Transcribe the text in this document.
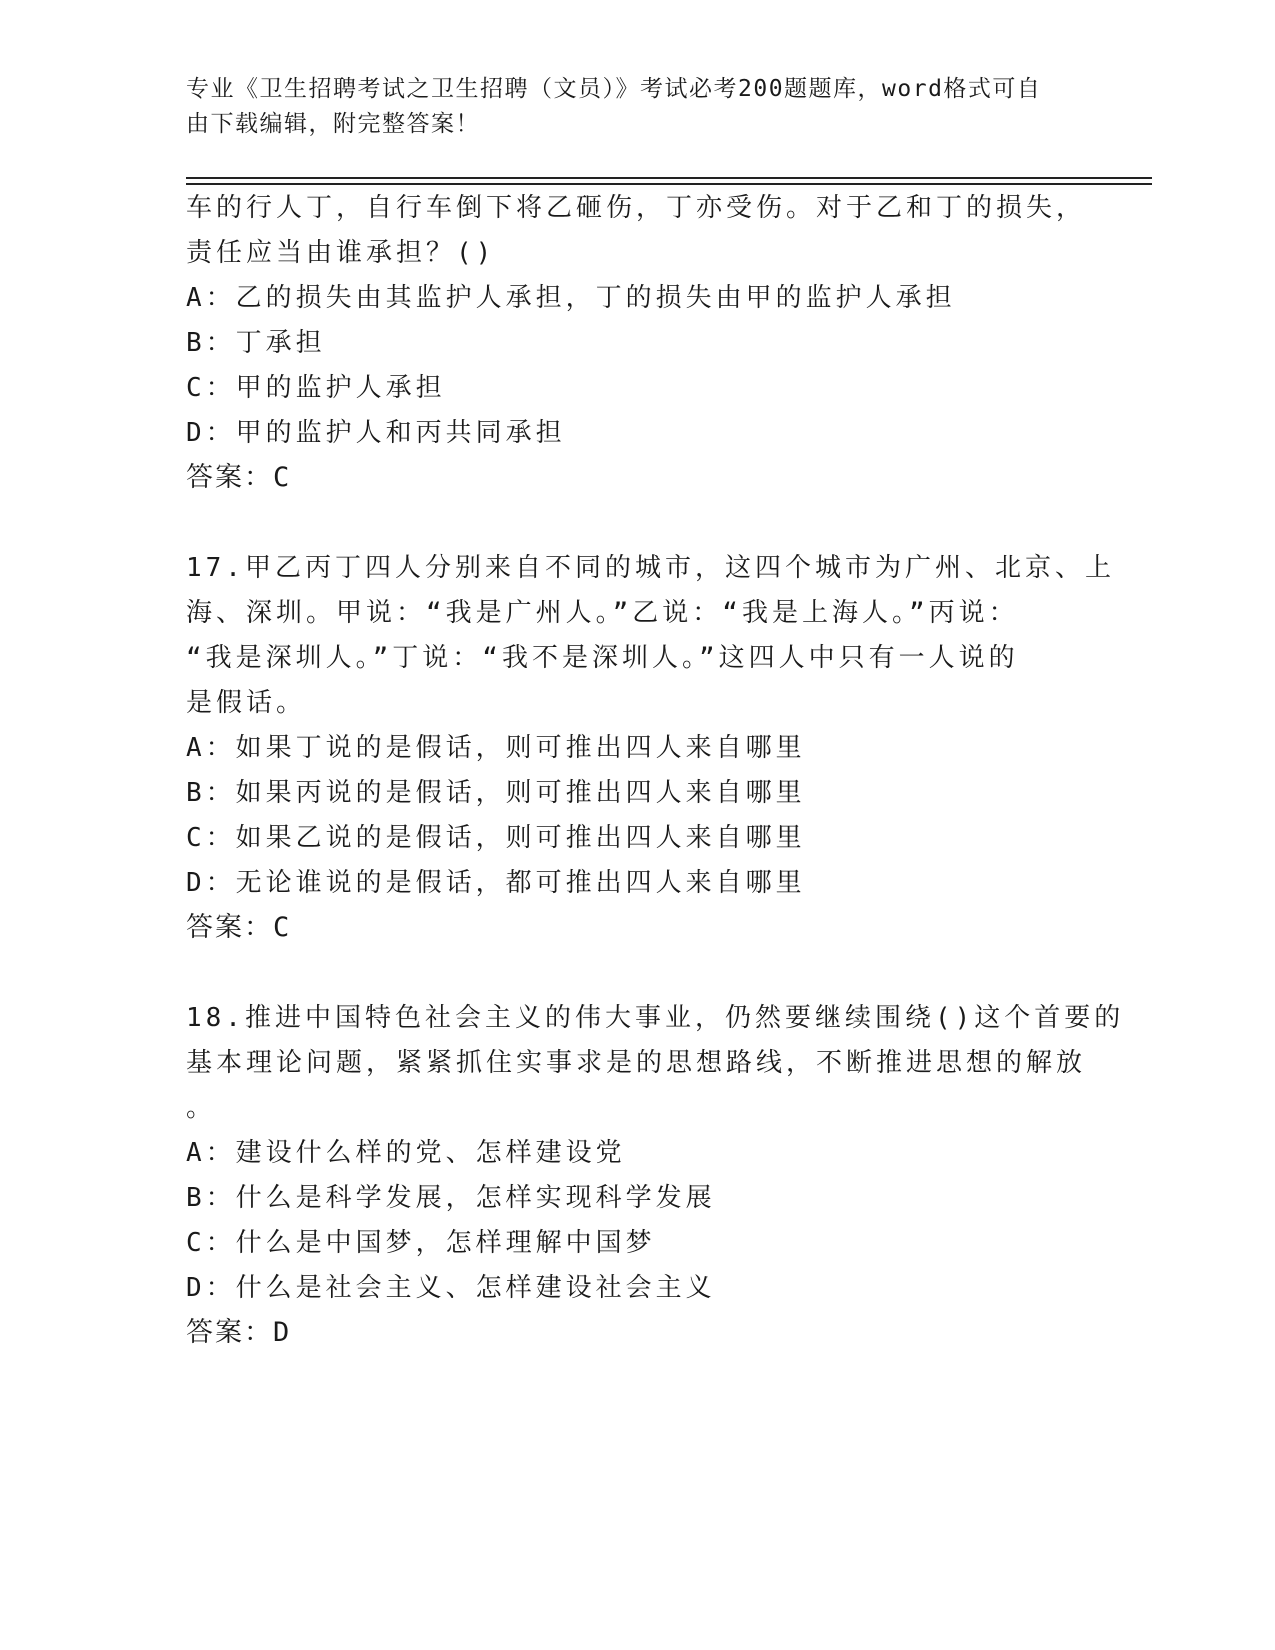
专业《卫生招聘考试之卫生招聘（文员）》考试必考200题题库，word格式可自
由下载编辑，附完整答案！
车的行人丁，自行车倒下将乙砸伤，丁亦受伤。对于乙和丁的损失，
责任应当由谁承担？()
A：乙的损失由其监护人承担，丁的损失由甲的监护人承担
B：丁承担
C：甲的监护人承担
D：甲的监护人和丙共同承担
答案：C
17.甲乙丙丁四人分别来自不同的城市，这四个城市为广州、北京、上
海、深圳。甲说：“我是广州人。”乙说：“我是上海人。”丙说：
“我是深圳人。”丁说：“我不是深圳人。”这四人中只有一人说的
是假话。
A：如果丁说的是假话，则可推出四人来自哪里
B：如果丙说的是假话，则可推出四人来自哪里
C：如果乙说的是假话，则可推出四人来自哪里
D：无论谁说的是假话，都可推出四人来自哪里
答案：C
18.推进中国特色社会主义的伟大事业，仍然要继续围绕()这个首要的
基本理论问题，紧紧抓住实事求是的思想路线，不断推进思想的解放
。
A：建设什么样的党、怎样建设党
B：什么是科学发展，怎样实现科学发展
C：什么是中国梦，怎样理解中国梦
D：什么是社会主义、怎样建设社会主义
答案：D
